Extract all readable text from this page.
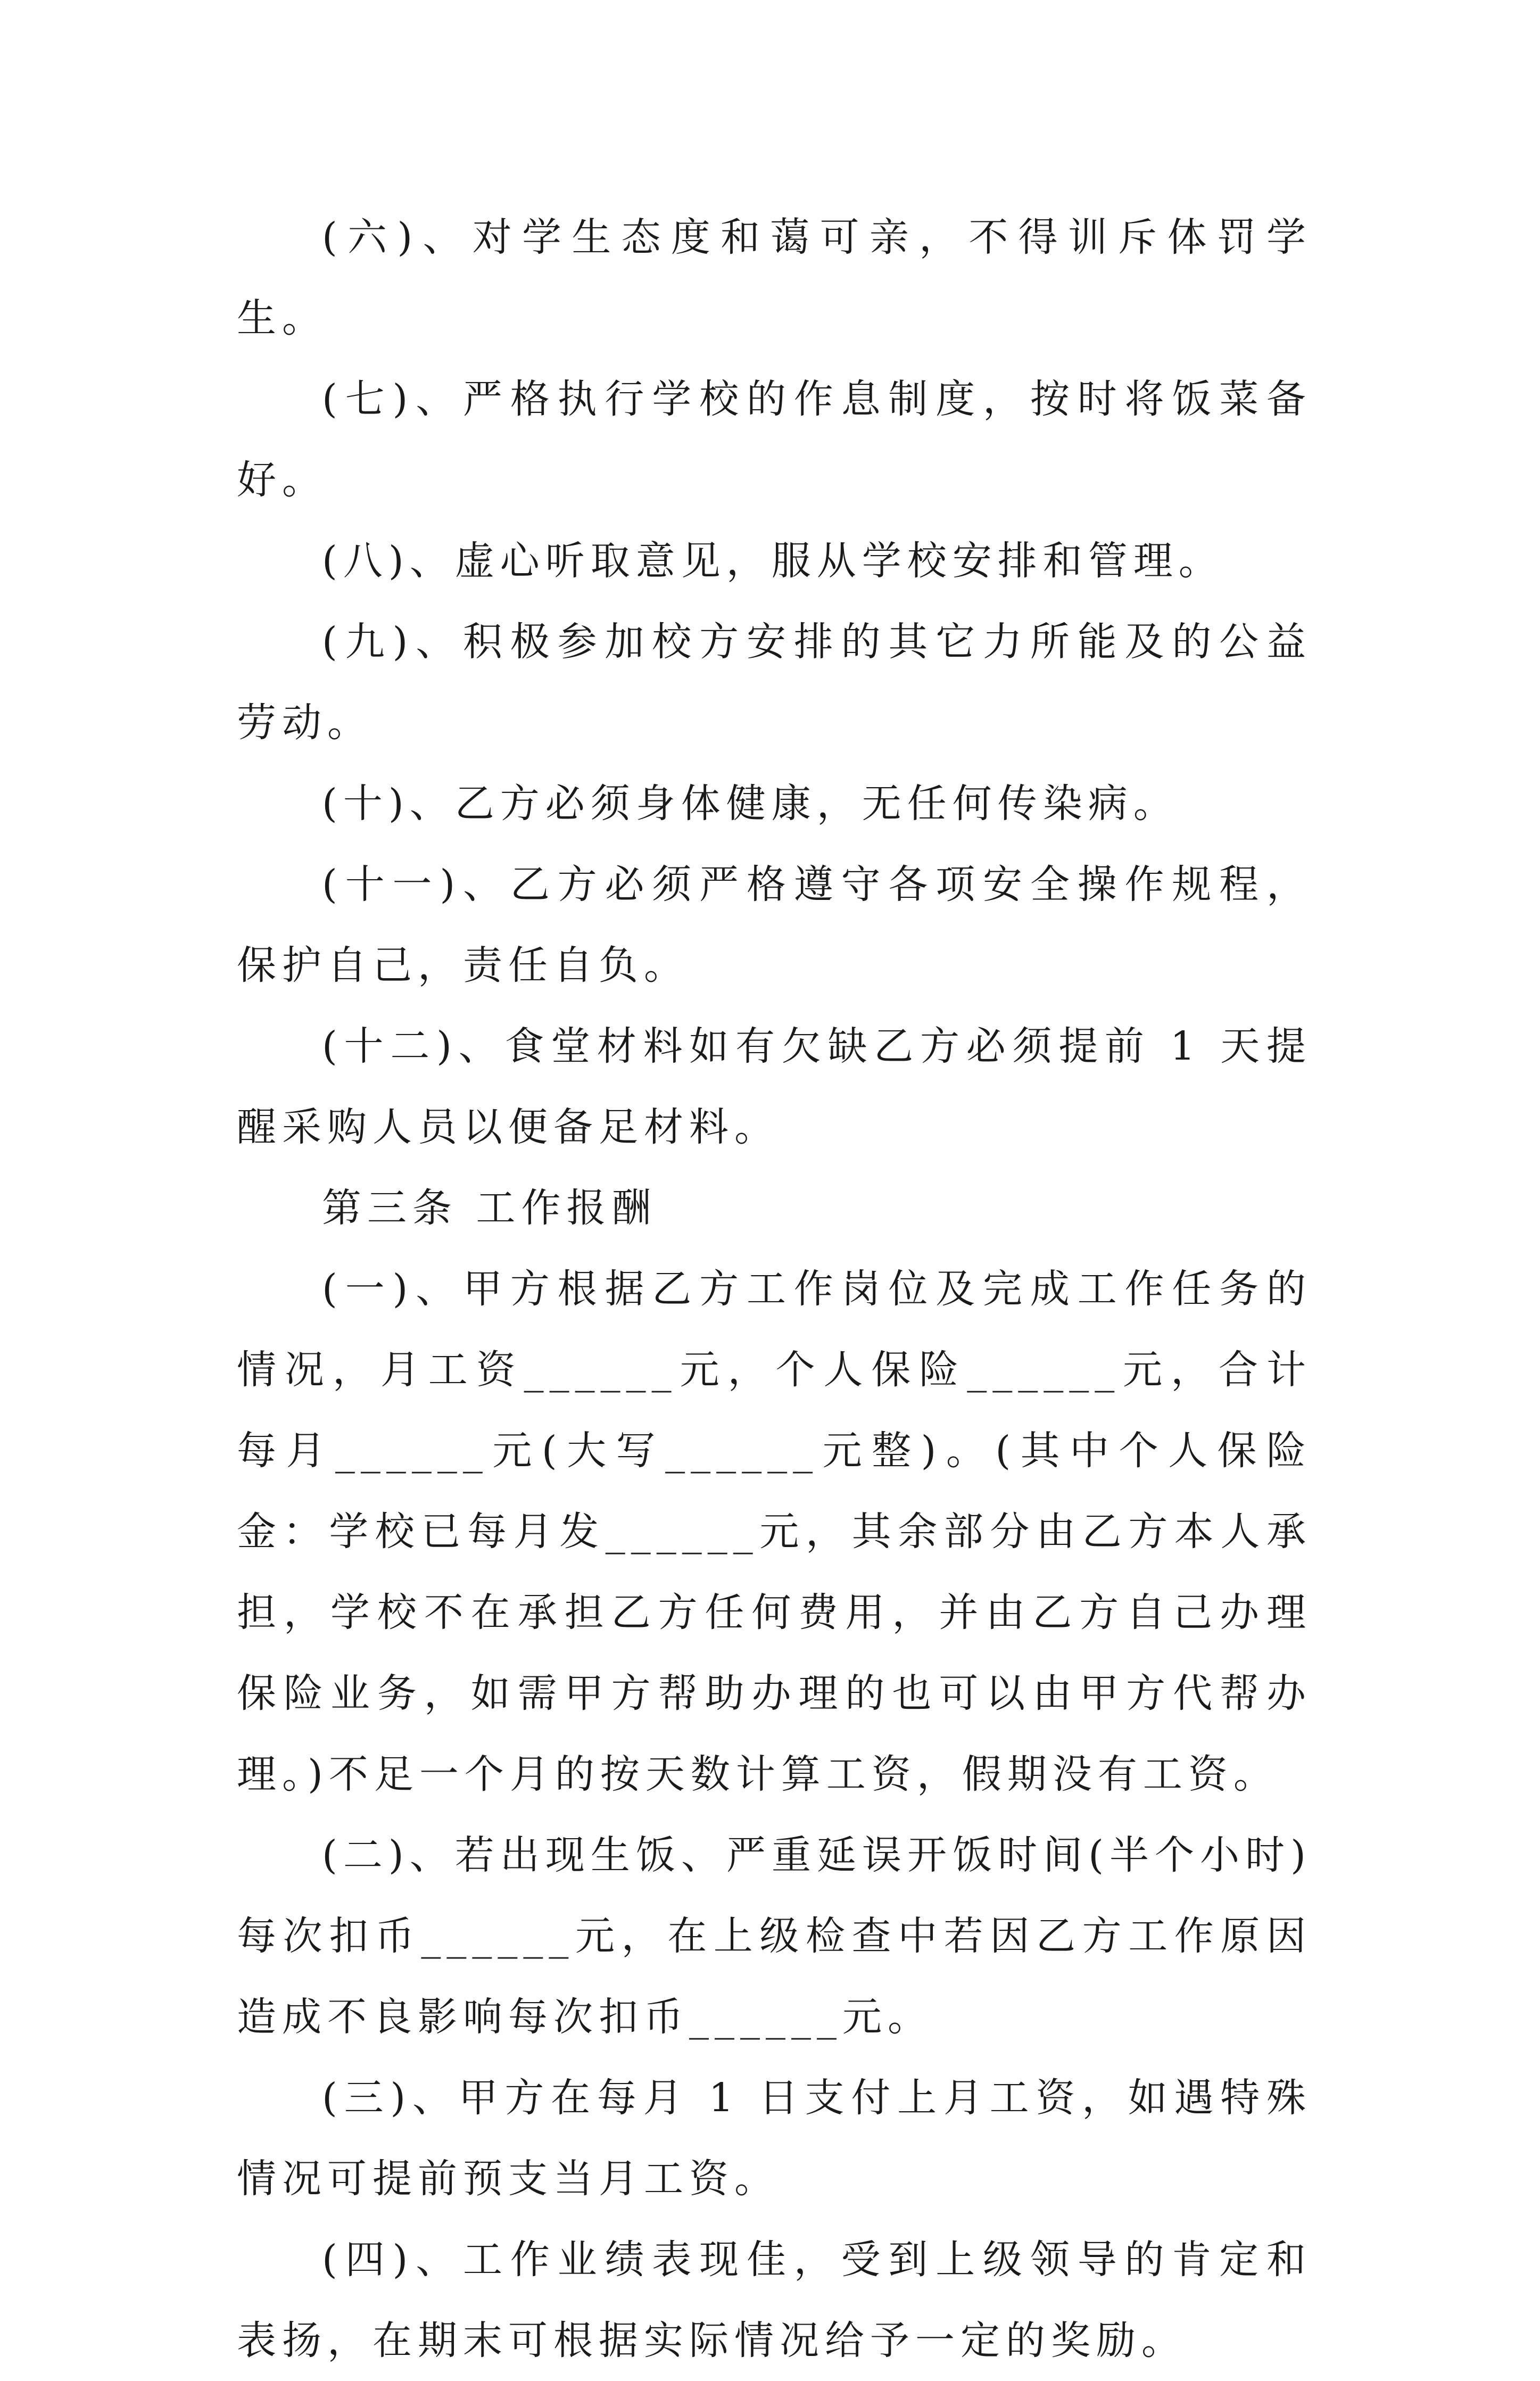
(六)、对学生态度和蔼可亲，不得训斥体罚学生。

(七)、严格执行学校的作息制度，按时将饭菜备好。

(八)、虚心听取意见，服从学校安排和管理。

(九)、积极参加校方安排的其它力所能及的公益劳动。

(十)、乙方必须身体健康，无任何传染病。

(十一)、乙方必须严格遵守各项安全操作规程，保护自己，责任自负。

(十二)、食堂材料如有欠缺乙方必须提前 1 天提醒采购人员以便备足材料。

第三条 工作报酬

(一)、甲方根据乙方工作岗位及完成工作任务的情况，月工资______元，个人保险______元，合计每月______元(大写______元整)。(其中个人保险金：学校已每月发______元，其余部分由乙方本人承担，学校不在承担乙方任何费用，并由乙方自己办理保险业务，如需甲方帮助办理的也可以由甲方代帮办理。)不足一个月的按天数计算工资，假期没有工资。

(二)、若出现生饭、严重延误开饭时间(半个小时)每次扣币______元，在上级检查中若因乙方工作原因造成不良影响每次扣币______元。

(三)、甲方在每月 1 日支付上月工资，如遇特殊情况可提前预支当月工资。

(四)、工作业绩表现佳，受到上级领导的肯定和表扬，在期末可根据实际情况给予一定的奖励。
